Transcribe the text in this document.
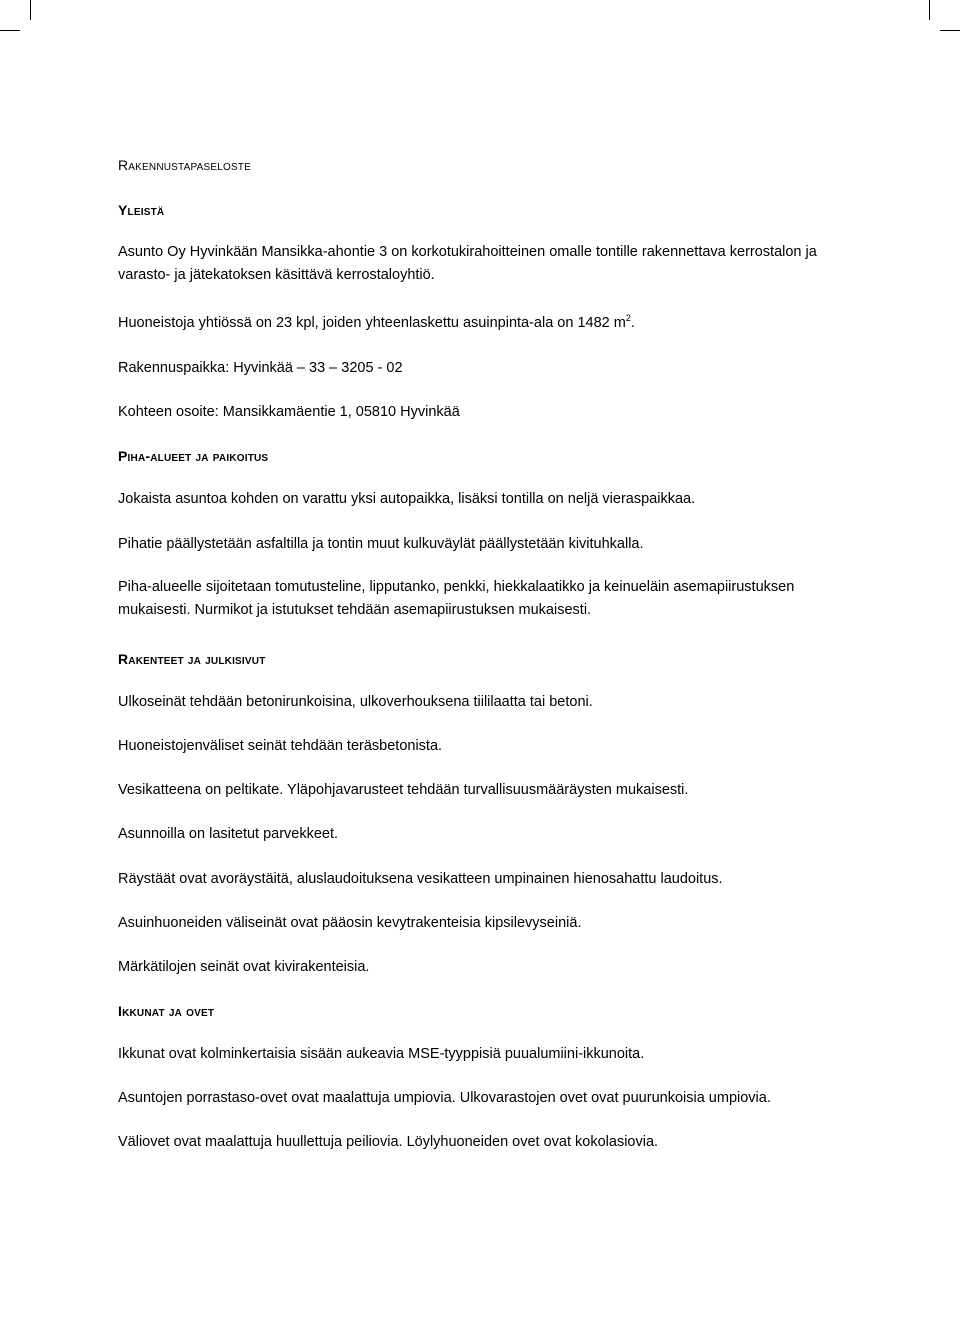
Rakennustapaseloste
Yleistä
Asunto Oy Hyvinkään Mansikka-ahontie 3 on korkotukirahoitteinen omalle tontille rakennettava kerrostalon ja varasto- ja jätekatoksen käsittävä kerrostaloyhtiö.
Huoneistoja yhtiössä on 23 kpl, joiden yhteenlaskettu asuinpinta-ala on 1482 $m^2$.
Rakennuspaikka: Hyvinkää – 33 – 3205 - 02
Kohteen osoite: Mansikkamäentie 1, 05810 Hyvinkää
Piha-alueet ja paikoitus
Jokaista asuntoa kohden on varattu yksi autopaikka, lisäksi tontilla on neljä vieraspaikkaa.
Pihatie päällystetään asfaltilla ja tontin muut kulkuväylät päällystetään kivituhkalla.
Piha-alueelle sijoitetaan tomutusteline, lipputanko, penkki, hiekkalaatikko ja keinueläin asemapiirustuksen mukaisesti. Nurmikot ja istutukset tehdään asemapiirustuksen mukaisesti.
Rakenteet ja julkisivut
Ulkoseinät tehdään betonirunkoisina, ulkoverhouksena tiililaatta tai betoni.
Huoneistojenväliset seinät tehdään teräsbetonista.
Vesikatteena on peltikate. Yläpohjavarusteet tehdään turvallisuusmääräysten mukaisesti.
Asunnoilla on lasitetut parvekkeet.
Räystäät ovat avoräystäitä, aluslaudoituksena vesikatteen umpinainen hienosahattu laudoitus.
Asuinhuoneiden väliseinät ovat pääosin kevytrakenteisia kipsilevyseiniä.
Märkätilojen seinät ovat kivirakenteisia.
Ikkunat ja ovet
Ikkunat ovat kolminkertaisia sisään aukeavia MSE-tyyppisiä puualumiini-ikkunoita.
Asuntojen porrastaso-ovet ovat maalattuja umpiovia. Ulkovarastojen ovet ovat puurunkoisia umpiovia.
Väliovet ovat maalattuja huullettuja peiliovia. Löylyhuoneiden ovet ovat kokolasiovia.
